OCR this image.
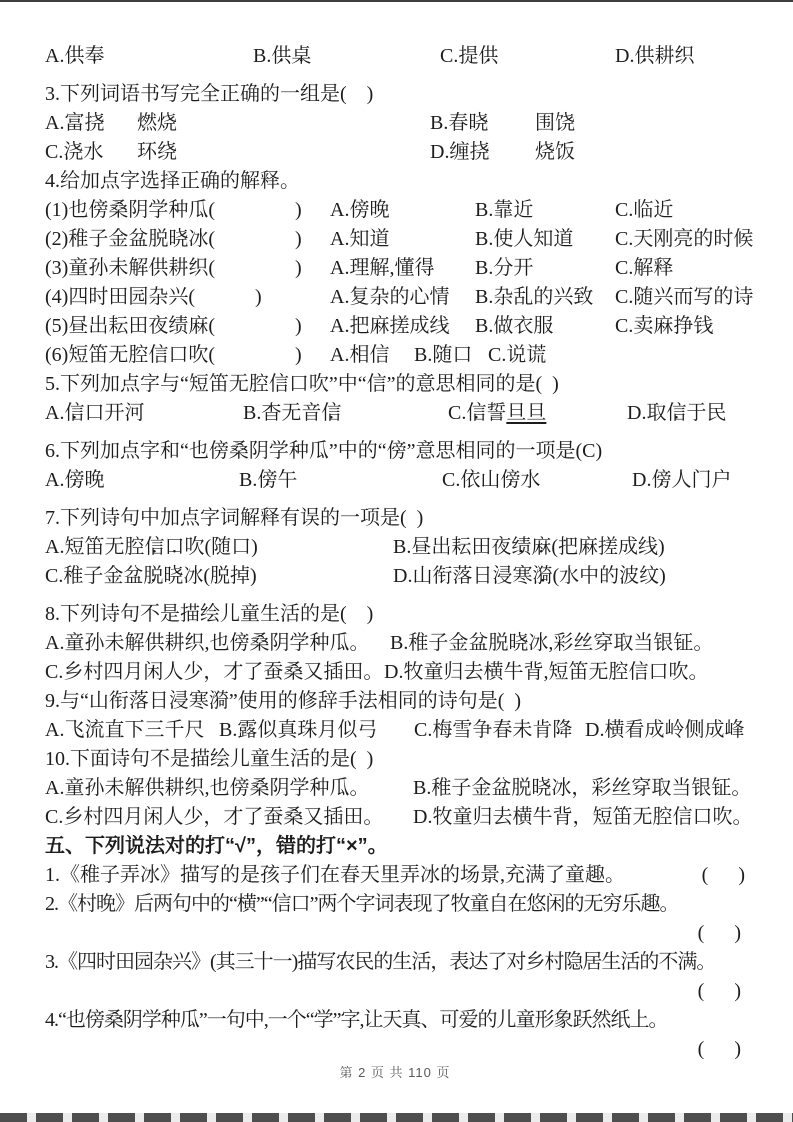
A.供奉	B.供桌	C.提供	D.供耕织
3.下列词语书写完全正确的一组是(    )
A.富挠	燃烧	B.春晓	围饶
C.浇水	环绕	D.缠挠	烧饭
4.给加点字选择正确的解释。
(1)也傍桑阴学种瓜(　　　　)	A.傍晚	B.靠近	C.临近
(2)稚子金盆脱晓冰(　　　　)	A.知道	B.使人知道	C.天刚亮的时候
(3)童孙未解供耕织(　　　　)	A.理解,懂得	B.分开	C.解释
(4)四时田园杂兴(　　　)	A.复杂的心情	B.杂乱的兴致	C.随兴而写的诗
(5)昼出耘田夜绩麻(　　　　)	A.把麻搓成线	B.做衣服	C.卖麻挣钱
(6)短笛无腔信口吹(　　　　)	A.相信	B.随口 C.说谎
5.下列加点字与“短笛无腔信口吹”中“信”的意思相同的是(  )
A.信口开河	B.杳无音信	C.信誓旦旦	D.取信于民
6.下列加点字和“也傍桑阴学种瓜”中的“傍”意思相同的一项是(C)
A.傍晚	B.傍午	C.依山傍水	D.傍人门户
7.下列诗句中加点字词解释有误的一项是(  )
A.短笛无腔信口吹(随口)	B.昼出耘田夜绩麻(把麻搓成线)
C.稚子金盆脱晓冰(脱掉)	D.山衔落日浸寒漪(水中的波纹)
8.下列诗句不是描绘儿童生活的是(    )
A.童孙未解供耕织,也傍桑阴学种瓜。	B.稚子金盆脱晓冰,彩丝穿取当银钲。
C.乡村四月闲人少，才了蚕桑又插田。 D.牧童归去横牛背,短笛无腔信口吹。
9.与“山衔落日浸寒漪”使用的修辞手法相同的诗句是(  )
A.飞流直下三千尺 B.露似真珠月似弓	C.梅雪争春未肯降 D.横看成岭侧成峰
10.下面诗句不是描绘儿童生活的是(  )
A.童孙未解供耕织,也傍桑阴学种瓜。	B.稚子金盆脱晓冰，彩丝穿取当银钲。
C.乡村四月闲人少，才了蚕桑又插田。	D.牧童归去横牛背，短笛无腔信口吹。
五、下列说法对的打“√”，错的打“×”。
1.《稚子弄冰》描写的是孩子们在春天里弄冰的场景,充满了童趣。	(      )
2.《村晚》后两句中的“横”“信口”两个字词表现了牧童自在悠闲的无穷乐趣。
(      )
3.《四时田园杂兴》(其三十一)描写农民的生活，表达了对乡村隐居生活的不满。
(      )
4.“也傍桑阴学种瓜”一句中,一个“学”字,让天真、可爱的儿童形象跃然纸上。
(      )
第 2 页 共 110 页
